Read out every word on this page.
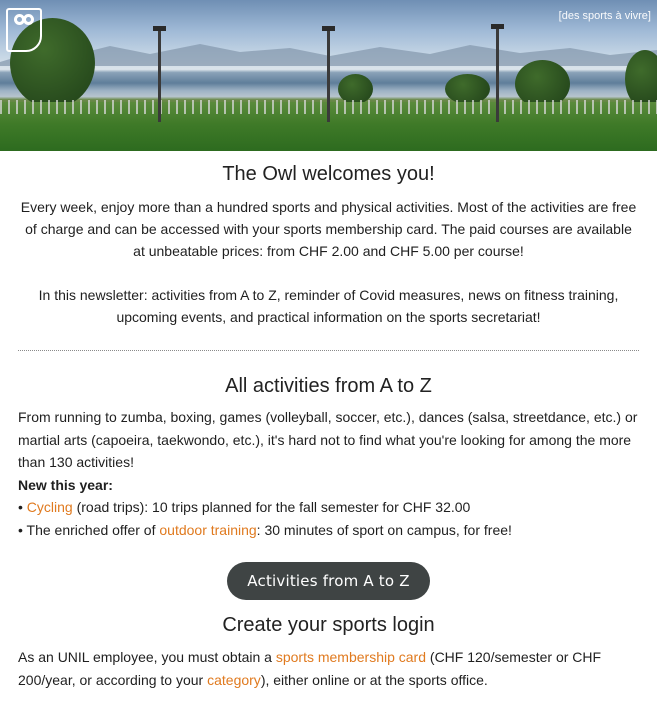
[des sports à vivre]
The Owl welcomes you!

Every week, enjoy more than a hundred sports and physical activities. Most of the activities are free of charge and can be accessed with your sports membership card. The paid courses are available at unbeatable prices: from CHF 2.00 and CHF 5.00 per course!

In this newsletter: activities from A to Z, reminder of Covid measures, news on fitness training, upcoming events, and practical information on the sports secretariat!

All activities from A to Z

From running to zumba, boxing, games (volleyball, soccer, etc.), dances (salsa, streetdance, etc.) or martial arts (capoeira, taekwondo, etc.), it's hard not to find what you're looking for among the more than 130 activities!

New this year:

• Cycling (road trips): 10 trips planned for the fall semester for CHF 32.00

• The enriched offer of outdoor training: 30 minutes of sport on campus, for free!

Activities from A to Z
Create your sports login

As an UNIL employee, you must obtain a sports membership card (CHF 120/semester or CHF 200/year, or according to your category), either online or at the sports office.
